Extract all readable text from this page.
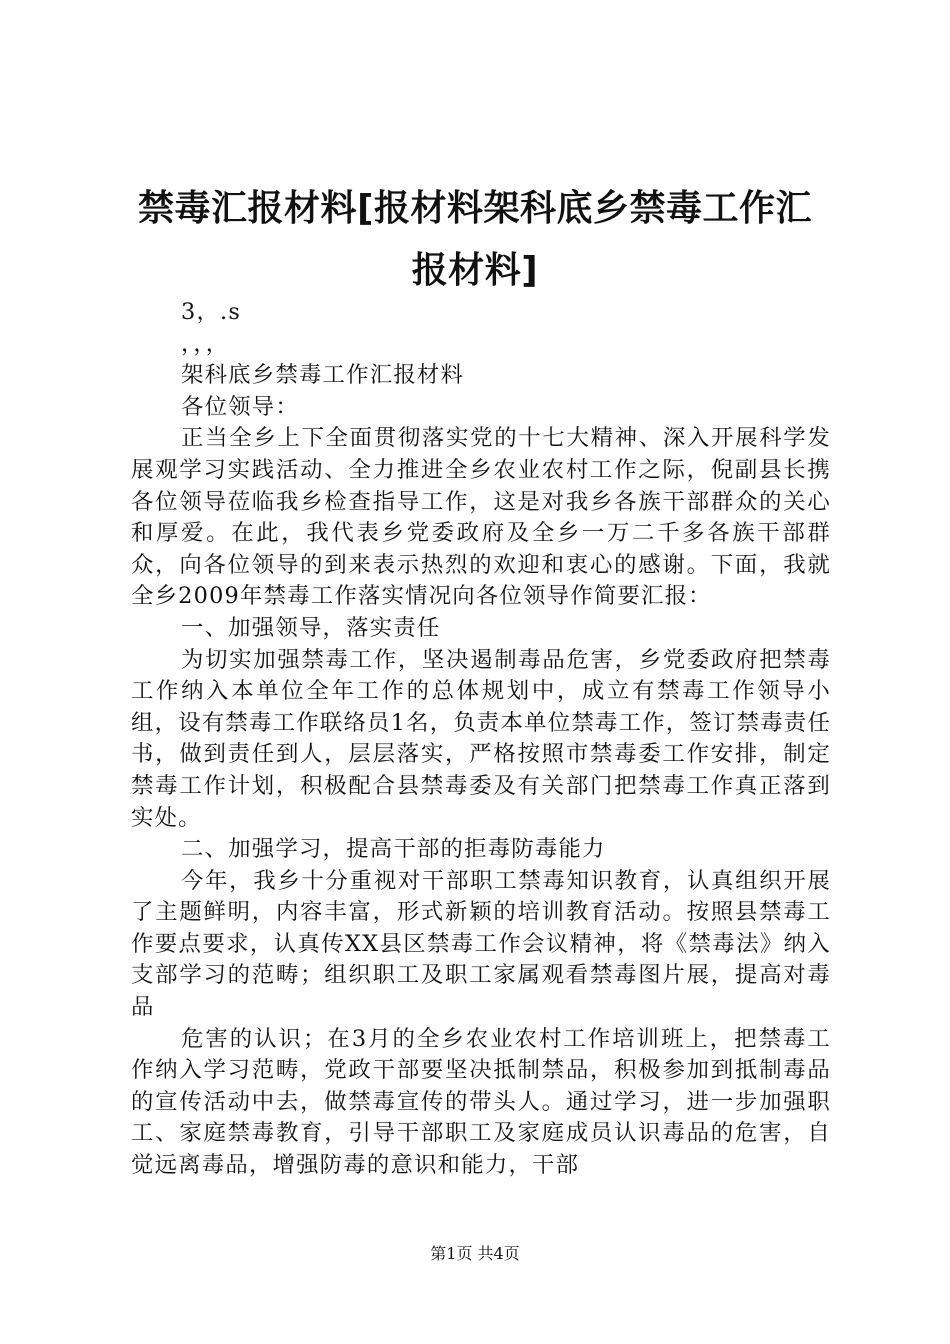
禁毒汇报材料[报材料架科底乡禁毒工作汇报材料]

3，.s

，，，

架科底乡禁毒工作汇报材料

各位领导：

正当全乡上下全面贯彻落实党的十七大精神、深入开展科学发展观学习实践活动、全力推进全乡农业农村工作之际，倪副县长携各位领导莅临我乡检查指导工作，这是对我乡各族干部群众的关心和厚爱。在此，我代表乡党委政府及全乡一万二千多各族干部群众，向各位领导的到来表示热烈的欢迎和衷心的感谢。下面，我就全乡2009年禁毒工作落实情况向各位领导作简要汇报：

一、加强领导，落实责任

为切实加强禁毒工作，坚决遏制毒品危害，乡党委政府把禁毒工作纳入本单位全年工作的总体规划中，成立有禁毒工作领导小组，设有禁毒工作联络员1名，负责本单位禁毒工作，签订禁毒责任书，做到责任到人，层层落实，严格按照市禁毒委工作安排，制定禁毒工作计划，积极配合县禁毒委及有关部门把禁毒工作真正落到实处。

二、加强学习，提高干部的拒毒防毒能力

今年，我乡十分重视对干部职工禁毒知识教育，认真组织开展了主题鲜明，内容丰富，形式新颖的培训教育活动。按照县禁毒工作要点要求，认真传XX县区禁毒工作会议精神，将《禁毒法》纳入支部学习的范畴；组织职工及职工家属观看禁毒图片展，提高对毒品

危害的认识；在3月的全乡农业农村工作培训班上，把禁毒工作纳入学习范畴，党政干部要坚决抵制禁品，积极参加到抵制毒品的宣传活动中去，做禁毒宣传的带头人。通过学习，进一步加强职工、家庭禁毒教育，引导干部职工及家庭成员认识毒品的危害，自觉远离毒品，增强防毒的意识和能力，干部

第1页 共4页
